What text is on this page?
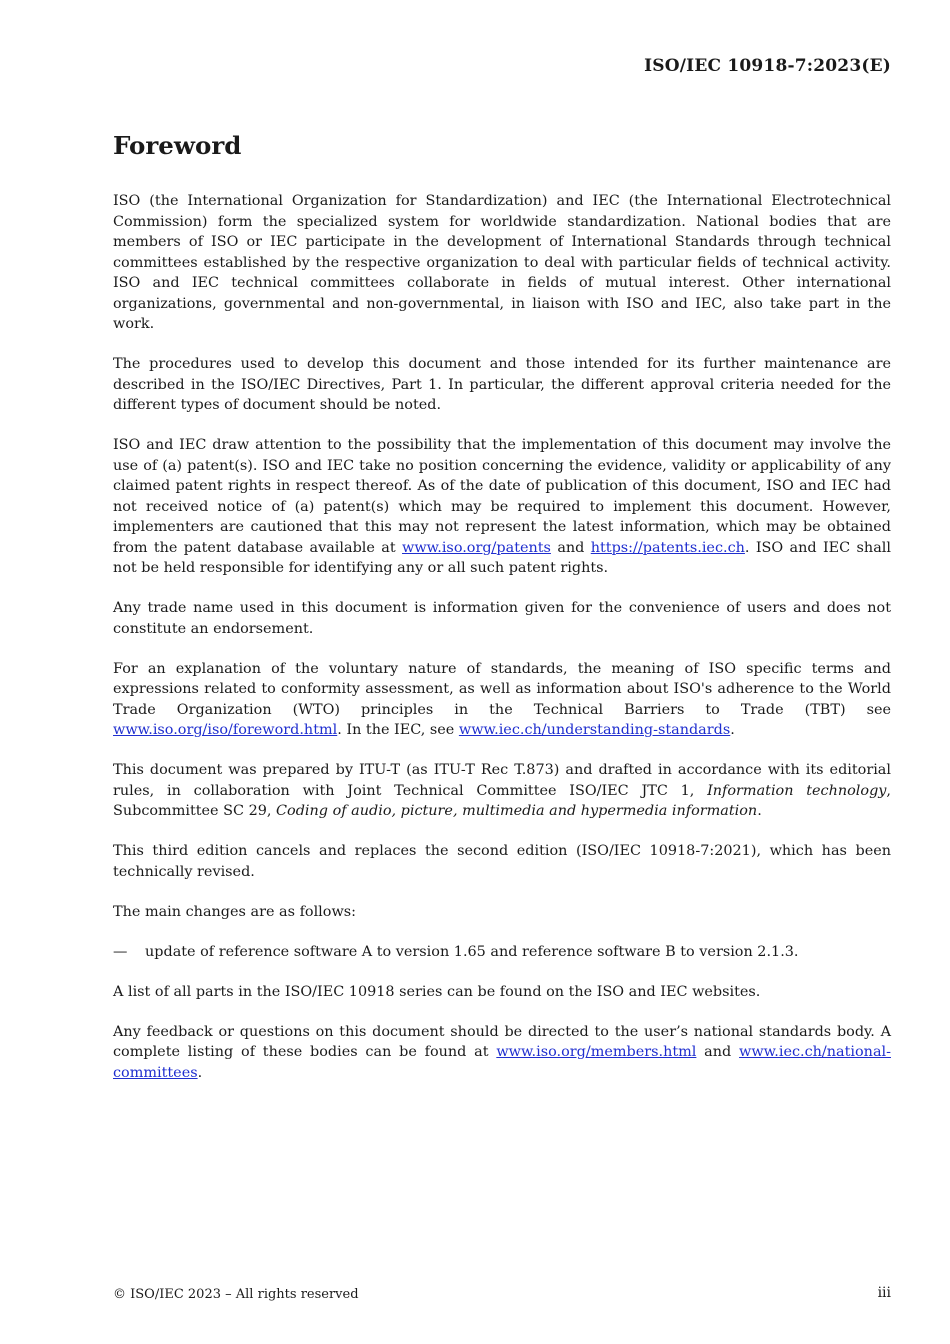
ISO/IEC 10918-7:2023(E)
Foreword

ISO (the International Organization for Standardization) and IEC (the International Electrotechnical Commission) form the specialized system for worldwide standardization. National bodies that are members of ISO or IEC participate in the development of International Standards through technical committees established by the respective organization to deal with particular fields of technical activity. ISO and IEC technical committees collaborate in fields of mutual interest. Other international organizations, governmental and non-governmental, in liaison with ISO and IEC, also take part in the work.

The procedures used to develop this document and those intended for its further maintenance are described in the ISO/IEC Directives, Part 1. In particular, the different approval criteria needed for the different types of document should be noted.

ISO and IEC draw attention to the possibility that the implementation of this document may involve the use of (a) patent(s). ISO and IEC take no position concerning the evidence, validity or applicability of any claimed patent rights in respect thereof. As of the date of publication of this document, ISO and IEC had not received notice of (a) patent(s) which may be required to implement this document. However, implementers are cautioned that this may not represent the latest information, which may be obtained from the patent database available at www.iso.org/patents and https://patents.iec.ch. ISO and IEC shall not be held responsible for identifying any or all such patent rights.

Any trade name used in this document is information given for the convenience of users and does not constitute an endorsement.

For an explanation of the voluntary nature of standards, the meaning of ISO specific terms and expressions related to conformity assessment, as well as information about ISO's adherence to the World Trade Organization (WTO) principles in the Technical Barriers to Trade (TBT) see www.iso.org/iso/foreword.html. In the IEC, see www.iec.ch/understanding-standards.

This document was prepared by ITU-T (as ITU-T Rec T.873) and drafted in accordance with its editorial rules, in collaboration with Joint Technical Committee ISO/IEC JTC 1, Information technology, Subcommittee SC 29, Coding of audio, picture, multimedia and hypermedia information.

This third edition cancels and replaces the second edition (ISO/IEC 10918-7:2021), which has been technically revised.

The main changes are as follows:

—	update of reference software A to version 1.65 and reference software B to version 2.1.3.

A list of all parts in the ISO/IEC 10918 series can be found on the ISO and IEC websites.

Any feedback or questions on this document should be directed to the user’s national standards body. A complete listing of these bodies can be found at www.iso.org/members.html and www.iec.ch/national-committees.

© ISO/IEC 2023 – All rights reserved	iii
